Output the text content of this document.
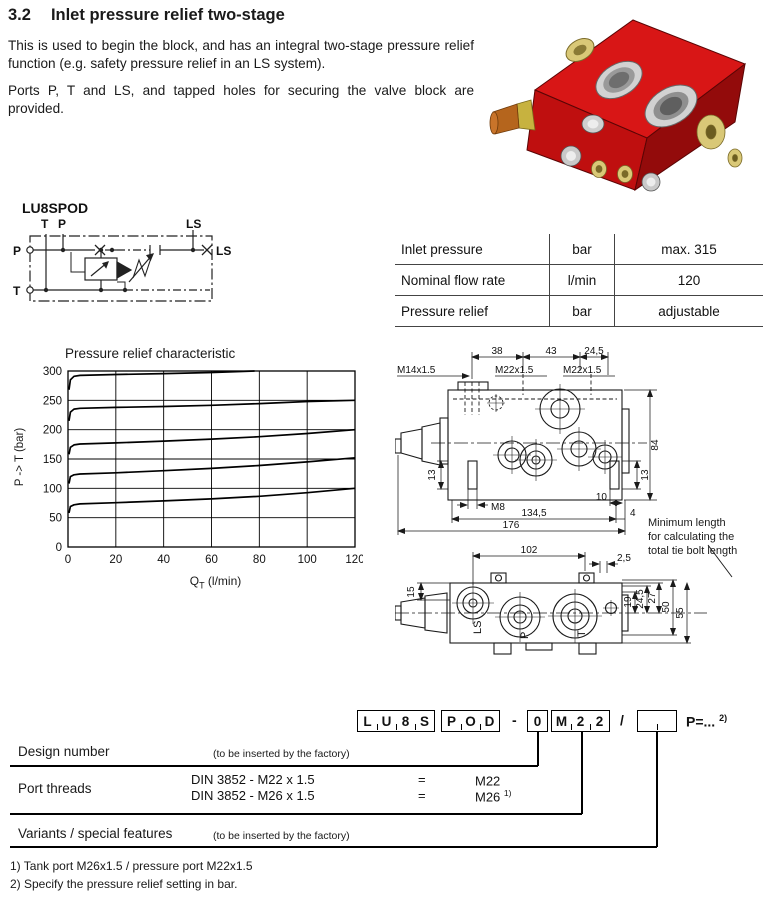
3.2 Inlet pressure relief two-stage

This is used to begin the block, and has an integral two-stage pressure relief function (e.g. safety pressure relief in an LS system).

Ports P, T and LS, and tapped holes for securing the valve block are provided.

LU8SPOD
T P	LS
P
T
LS	Inlet pressure	bar	max. 315
Nominal flow rate	l/min	120
Pressure relief	bar	adjustable
Pressure relief characteristic
P -> T (bar)
0	20	40	60	80	100 120
0
50
100
150
200
250
300
$Q_T$ (l/min)
38	43	24,5
84
13	13
M8
10
134,5
176
4
M14x1.5	M22x1.5	M22x1.5
Minimum length
for calculating the
total tie bolt length
102
2,5
15
19 24,5 27
50
55
LS
P	T
L U 8 S	P O D	-	0	M 2 2	/	P=... $^{2)}$
Design number	(to be inserted by the factory)
Port threads
DIN 3852 - M22 x 1.5	=	M22
DIN 3852 - M26 x 1.5	=	M26 $^{1)}$
Variants / special features	(to be inserted by the factory)
1) Tank port M26x1.5 / pressure port M22x1.5
2) Specify the pressure relief setting in bar.
